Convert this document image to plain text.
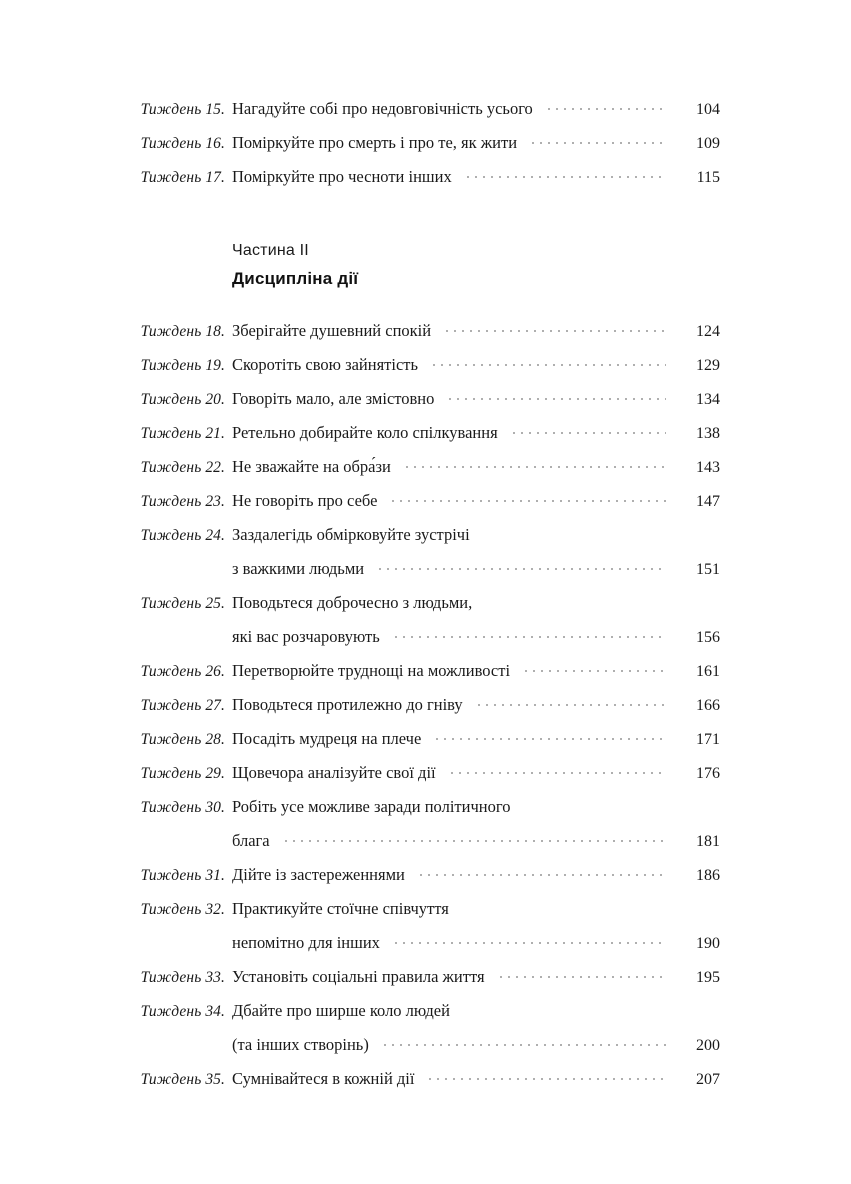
Тиждень 15. Нагадуйте собі про недовговічність усього	104
Тиждень 16. Поміркуйте про смерть і про те, як жити	109
Тиждень 17. Поміркуйте про чесноти інших	115
Частина II
Дисципліна дії
Тиждень 18. Зберігайте душевний спокій	124
Тиждень 19. Скоротіть свою зайнятість	129
Тиждень 20. Говоріть мало, але змістовно	134
Тиждень 21. Ретельно добирайте коло спілкування	138
Тиждень 22. Не зважайте на обра́зи	143
Тиждень 23. Не говоріть про себе	147
Тиждень 24. Заздалегідь обмірковуйте зустрічі
з важкими людьми	151
Тиждень 25. Поводьтеся доброчесно з людьми,
які вас розчаровують	156
Тиждень 26. Перетворюйте труднощі на можливості	161
Тиждень 27. Поводьтеся протилежно до гніву	166
Тиждень 28. Посадіть мудреця на плече	171
Тиждень 29. Щовечора аналізуйте свої дії	176
Тиждень 30. Робіть усе можливе заради політичного
блага	181
Тиждень 31. Дійте із застереженнями	186
Тиждень 32. Практикуйте стоїчне співчуття
непомітно для інших	190
Тиждень 33. Установіть соціальні правила життя	195
Тиждень 34. Дбайте про ширше коло людей
(та інших створінь)	200
Тиждень 35. Сумнівайтеся в кожній дії	207
